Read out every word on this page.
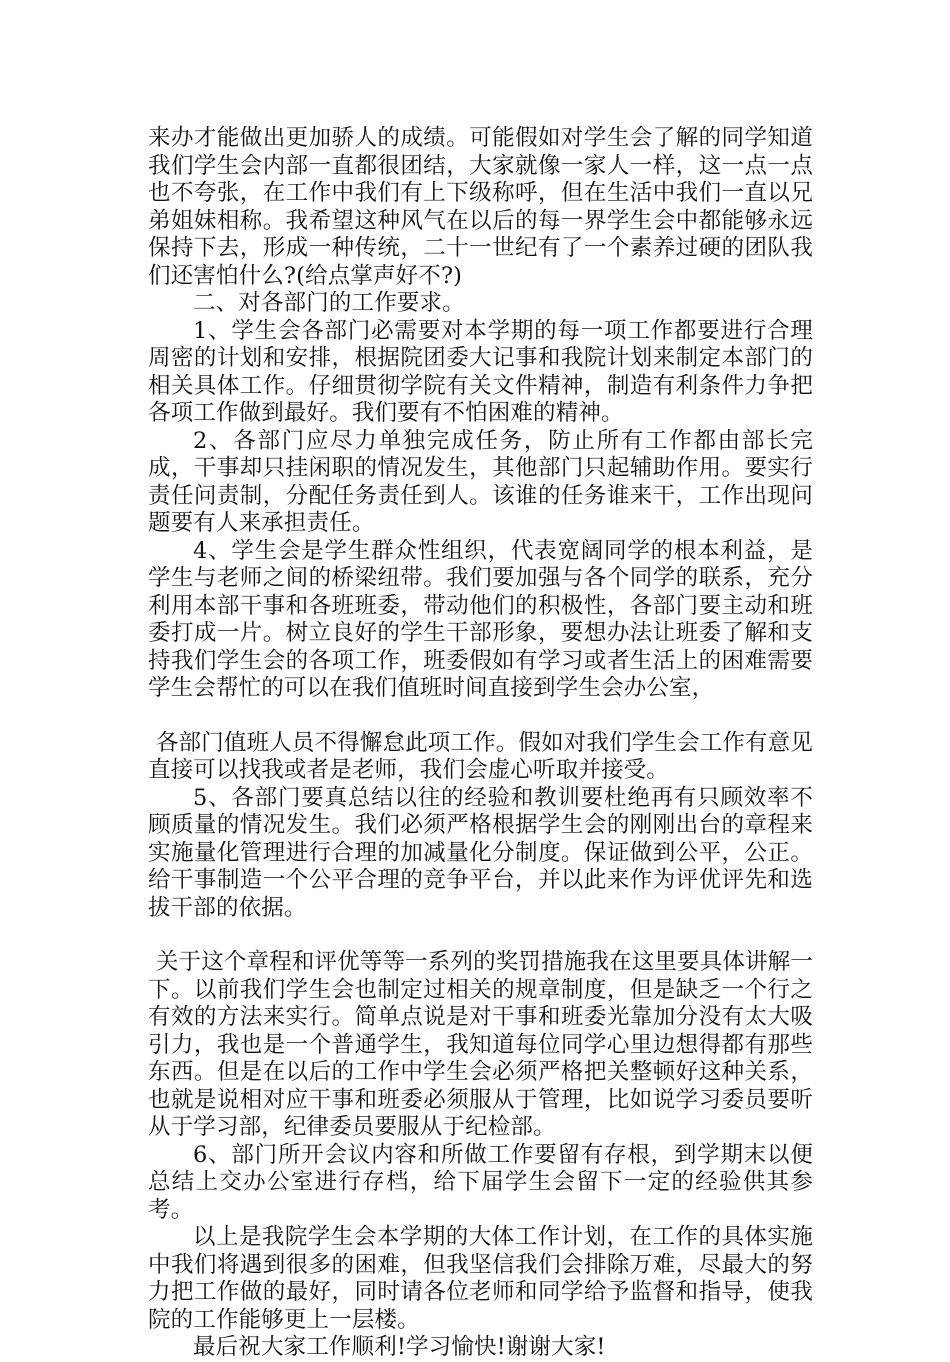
来办才能做出更加骄人的成绩。可能假如对学生会了解的同学知道我们学生会内部一直都很团结，大家就像一家人一样，这一点一点也不夸张，在工作中我们有上下级称呼，但在生活中我们一直以兄弟姐妹相称。我希望这种风气在以后的每一界学生会中都能够永远保持下去，形成一种传统，二十一世纪有了一个素养过硬的团队我们还害怕什么?(给点掌声好不?)

二、对各部门的工作要求。

1、学生会各部门必需要对本学期的每一项工作都要进行合理周密的计划和安排，根据院团委大记事和我院计划来制定本部门的相关具体工作。仔细贯彻学院有关文件精神，制造有利条件力争把各项工作做到最好。我们要有不怕困难的精神。

2、各部门应尽力单独完成任务，防止所有工作都由部长完成，干事却只挂闲职的情况发生，其他部门只起辅助作用。要实行责任问责制，分配任务责任到人。该谁的任务谁来干，工作出现问题要有人来承担责任。

4、学生会是学生群众性组织，代表宽阔同学的根本利益，是学生与老师之间的桥梁纽带。我们要加强与各个同学的联系，充分利用本部干事和各班班委，带动他们的积极性，各部门要主动和班委打成一片。树立良好的学生干部形象，要想办法让班委了解和支持我们学生会的各项工作，班委假如有学习或者生活上的困难需要学生会帮忙的可以在我们值班时间直接到学生会办公室，

各部门值班人员不得懈怠此项工作。假如对我们学生会工作有意见直接可以找我或者是老师，我们会虚心听取并接受。

5、各部门要真总结以往的经验和教训要杜绝再有只顾效率不顾质量的情况发生。我们必须严格根据学生会的刚刚出台的章程来实施量化管理进行合理的加减量化分制度。保证做到公平，公正。给干事制造一个公平合理的竞争平台，并以此来作为评优评先和选拔干部的依据。

关于这个章程和评优等等一系列的奖罚措施我在这里要具体讲解一下。以前我们学生会也制定过相关的规章制度，但是缺乏一个行之有效的方法来实行。简单点说是对干事和班委光靠加分没有太大吸引力，我也是一个普通学生，我知道每位同学心里边想得都有那些东西。但是在以后的工作中学生会必须严格把关整顿好这种关系，也就是说相对应干事和班委必须服从于管理，比如说学习委员要听从于学习部，纪律委员要服从于纪检部。

6、部门所开会议内容和所做工作要留有存根，到学期末以便总结上交办公室进行存档，给下届学生会留下一定的经验供其参考。

以上是我院学生会本学期的大体工作计划，在工作的具体实施中我们将遇到很多的困难，但我坚信我们会排除万难，尽最大的努力把工作做的最好，同时请各位老师和同学给予监督和指导，使我院的工作能够更上一层楼。

最后祝大家工作顺利!学习愉快!谢谢大家!
